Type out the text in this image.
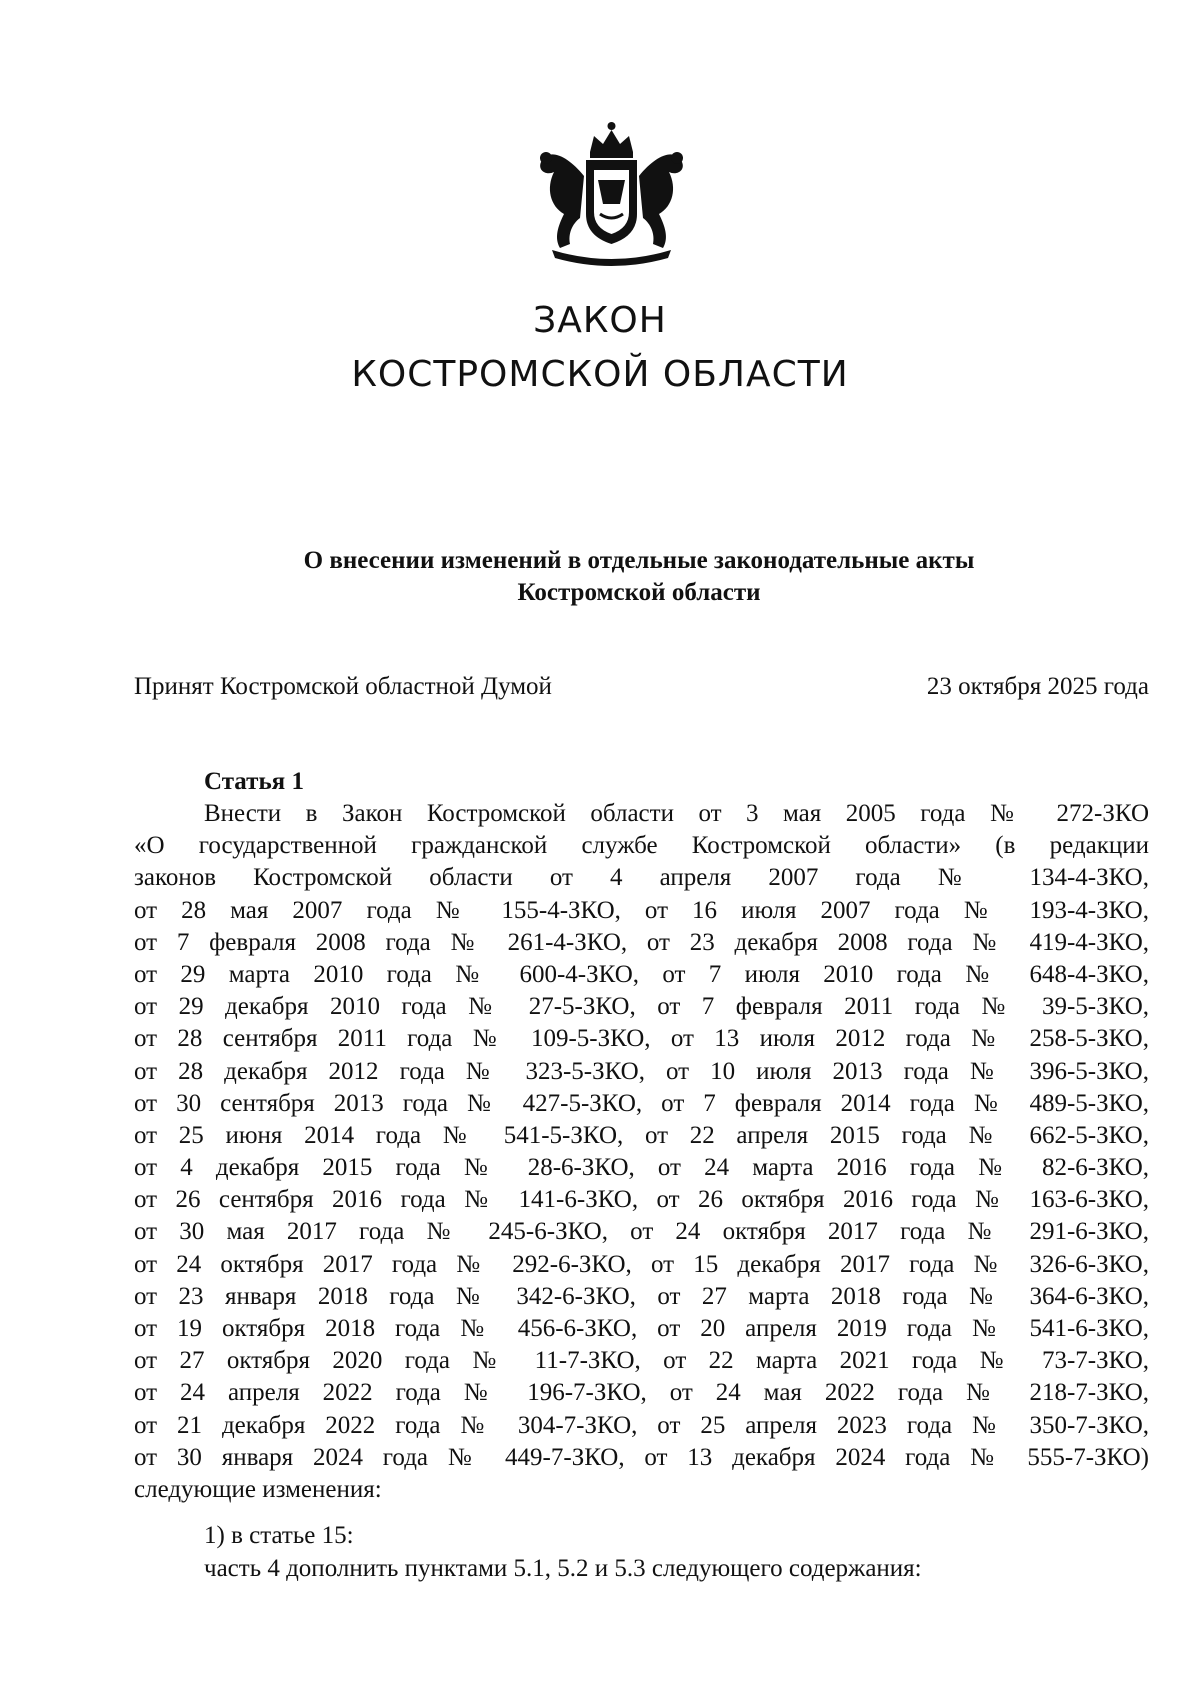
ЗАКОН
КОСТРОМСКОЙ ОБЛАСТИ
О внесении изменений в отдельные законодательные акты
Костромской области
Принят Костромской областной Думой	23 октября 2025 года
Статья 1
Внести в Закон Костромской области от 3 мая 2005 года № 272-ЗКО
«О государственной гражданской службе Костромской области» (в редакции
законов Костромской области от 4 апреля 2007 года № 134-4-ЗКО,
от 28 мая 2007 года № 155-4-ЗКО, от 16 июля 2007 года № 193-4-ЗКО,
от 7 февраля 2008 года № 261-4-ЗКО, от 23 декабря 2008 года № 419-4-ЗКО,
от 29 марта 2010 года № 600-4-ЗКО, от 7 июля 2010 года № 648-4-ЗКО,
от 29 декабря 2010 года № 27-5-ЗКО, от 7 февраля 2011 года № 39-5-ЗКО,
от 28 сентября 2011 года № 109-5-ЗКО, от 13 июля 2012 года № 258-5-ЗКО,
от 28 декабря 2012 года № 323-5-ЗКО, от 10 июля 2013 года № 396-5-ЗКО,
от 30 сентября 2013 года № 427-5-ЗКО, от 7 февраля 2014 года № 489-5-ЗКО,
от 25 июня 2014 года № 541-5-ЗКО, от 22 апреля 2015 года № 662-5-ЗКО,
от 4 декабря 2015 года № 28-6-ЗКО, от 24 марта 2016 года № 82-6-ЗКО,
от 26 сентября 2016 года № 141-6-ЗКО, от 26 октября 2016 года № 163-6-ЗКО,
от 30 мая 2017 года № 245-6-ЗКО, от 24 октября 2017 года № 291-6-ЗКО,
от 24 октября 2017 года № 292-6-ЗКО, от 15 декабря 2017 года № 326-6-ЗКО,
от 23 января 2018 года № 342-6-ЗКО, от 27 марта 2018 года № 364-6-ЗКО,
от 19 октября 2018 года № 456-6-ЗКО, от 20 апреля 2019 года № 541-6-ЗКО,
от 27 октября 2020 года № 11-7-ЗКО, от 22 марта 2021 года № 73-7-ЗКО,
от 24 апреля 2022 года № 196-7-ЗКО, от 24 мая 2022 года № 218-7-ЗКО,
от 21 декабря 2022 года № 304-7-ЗКО, от 25 апреля 2023 года № 350-7-ЗКО,
от 30 января 2024 года № 449-7-ЗКО, от 13 декабря 2024 года № 555-7-ЗКО)
следующие изменения:

1) в статье 15:

часть 4 дополнить пунктами 5.1, 5.2 и 5.3 следующего содержания:
